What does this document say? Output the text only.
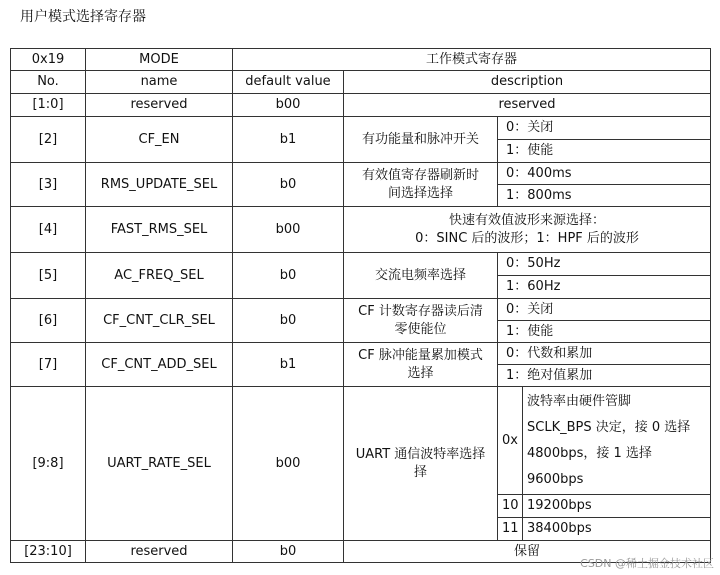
用户模式选择寄存器
0x19	MODE	工作模式寄存器			
No.	name	default value	description		
[1:0]	reserved	b00	reserved		
[2]	CF_EN	b1	有功能量和脉冲开关	0：关闭	
				1：使能	
[3]	RMS_UPDATE_SEL	b0	有效值寄存器刷新时
间选择选择	0：400ms	
				1：800ms	
[4]	FAST_RMS_SEL	b00	快速有效值波形来源选择：
0：SINC 后的波形；1：HPF 后的波形		

[5]	AC_FREQ_SEL	b0	交流电频率选择	0：50Hz	
				1：60Hz	
[6]	CF_CNT_CLR_SEL	b0	CF 计数寄存器读后清
零使能位	0：关闭	
				1：使能	
[7]	CF_CNT_ADD_SEL	b1	CF 脉冲能量累加模式
选择	0：代数和累加	
				1：绝对值累加	
[9:8]	UART_RATE_SEL	b00	UART 通信波特率选择
择	0x	波特率由硬件管脚
SCLK_BPS 决定，接 0 选择
4800bps，接 1 选择
9600bps

				10	19200bps
				11	38400bps
[23:10]	reserved	b0	保留		
CSDN @稀土掘金技术社区
